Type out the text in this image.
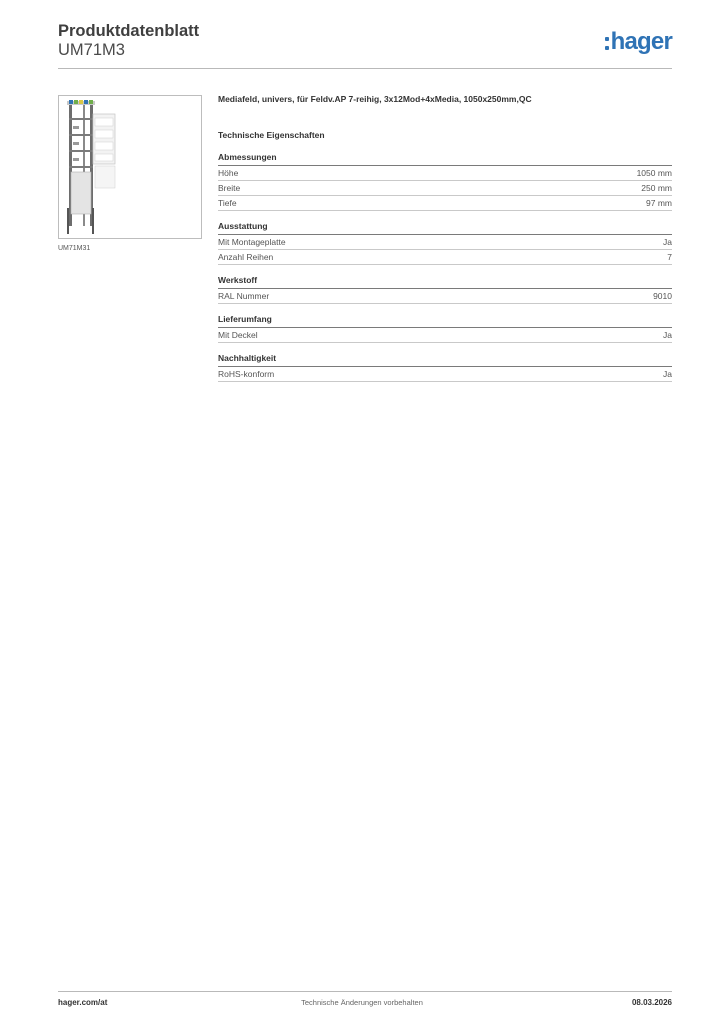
Produktdatenblatt
UM71M3	hager
UM71M31
Mediafeld, univers, für Feldv.AP 7-reihig, 3x12Mod+4xMedia, 1050x250mm,QC
Technische Eigenschaften
Abmessungen
Höhe	1050 mm
Breite	250 mm
Tiefe	97 mm
Ausstattung
Mit Montageplatte	Ja
Anzahl Reihen	7
Werkstoff
RAL Nummer	9010
Lieferumfang
Mit Deckel	Ja
Nachhaltigkeit
RoHS-konform	Ja
hager.com/at	Technische Änderungen vorbehalten	08.03.2026
